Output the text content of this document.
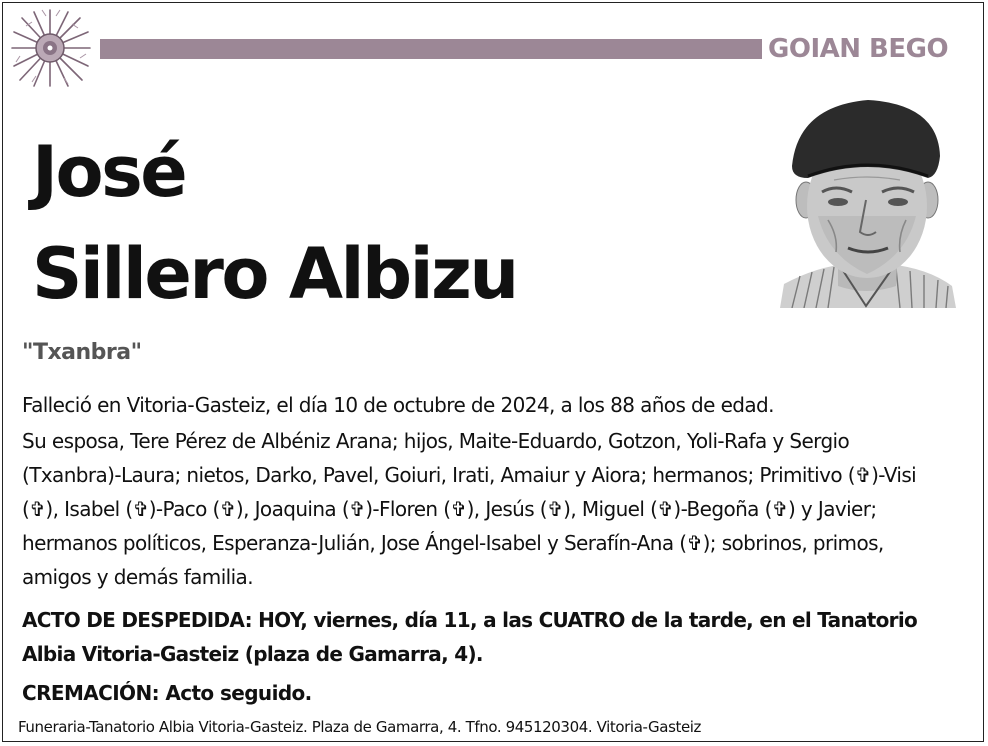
GOIAN BEGO
José
Sillero Albizu
"Txanbra"
Falleció en Vitoria-Gasteiz, el día 10 de octubre de 2024, a los 88 años de edad.
Su esposa, Tere Pérez de Albéniz Arana; hijos, Maite-Eduardo, Gotzon, Yoli-Rafa y Sergio (Txanbra)-Laura; nietos, Darko, Pavel, Goiuri, Irati, Amaiur y Aiora; hermanos; Primitivo (✞)-Visi (✞), Isabel (✞)-Paco (✞), Joaquina (✞)-Floren (✞), Jesús (✞), Miguel (✞)-Begoña (✞) y Javier; hermanos políticos, Esperanza-Julián, Jose Ángel-Isabel y Serafín-Ana (✞); sobrinos, primos, amigos y demás familia.
ACTO DE DESPEDIDA: HOY, viernes, día 11, a las CUATRO de la tarde, en el Tanatorio Albia Vitoria-Gasteiz (plaza de Gamarra, 4).
CREMACIÓN: Acto seguido.
Funeraria-Tanatorio Albia Vitoria-Gasteiz. Plaza de Gamarra, 4. Tfno. 945120304. Vitoria-Gasteiz
